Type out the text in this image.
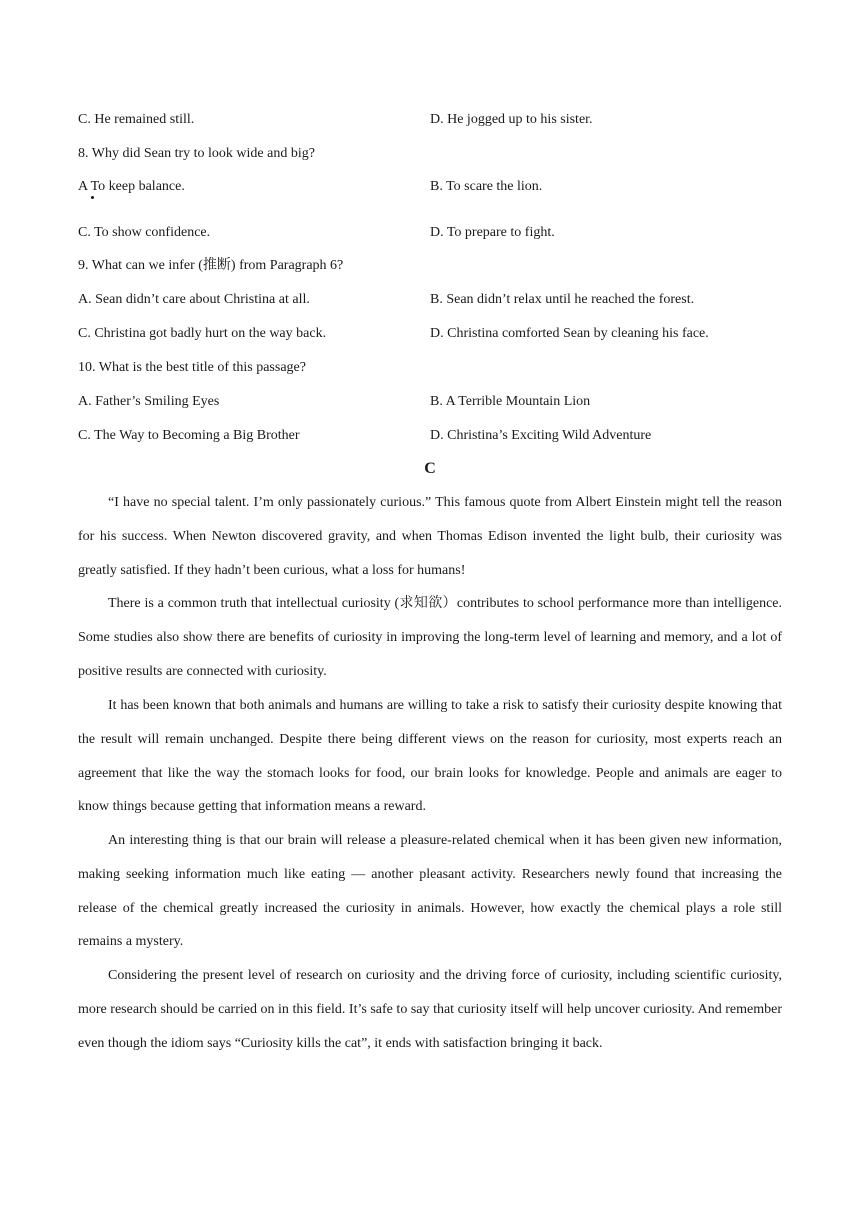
C. He remained still.	D. He jogged up to his sister.
8. Why did Sean try to look wide and big?
A To keep balance.	B. To scare the lion.
C. To show confidence.	D. To prepare to fight.
9. What can we infer (推断) from Paragraph 6?
A. Sean didn’t care about Christina at all.	B. Sean didn’t relax until he reached the forest.
C. Christina got badly hurt on the way back.	D. Christina comforted Sean by cleaning his face.
10. What is the best title of this passage?
A. Father’s Smiling Eyes	B. A Terrible Mountain Lion
C. The Way to Becoming a Big Brother	D. Christina’s Exciting Wild Adventure
C

“I have no special talent. I’m only passionately curious.” This famous quote from Albert Einstein might tell the reason for his success. When Newton discovered gravity, and when Thomas Edison invented the light bulb, their curiosity was greatly satisfied. If they hadn’t been curious, what a loss for humans!

There is a common truth that intellectual curiosity (求知欲）contributes to school performance more than intelligence. Some studies also show there are benefits of curiosity in improving the long-term level of learning and memory, and a lot of positive results are connected with curiosity.

It has been known that both animals and humans are willing to take a risk to satisfy their curiosity despite knowing that the result will remain unchanged. Despite there being different views on the reason for curiosity, most experts reach an agreement that like the way the stomach looks for food, our brain looks for knowledge. People and animals are eager to know things because getting that information means a reward.

An interesting thing is that our brain will release a pleasure-related chemical when it has been given new information, making seeking information much like eating — another pleasant activity. Researchers newly found that increasing the release of the chemical greatly increased the curiosity in animals. However, how exactly the chemical plays a role still remains a mystery.

Considering the present level of research on curiosity and the driving force of curiosity, including scientific curiosity, more research should be carried on in this field. It’s safe to say that curiosity itself will help uncover curiosity. And remember even though the idiom says “Curiosity kills the cat”, it ends with satisfaction bringing it back.
